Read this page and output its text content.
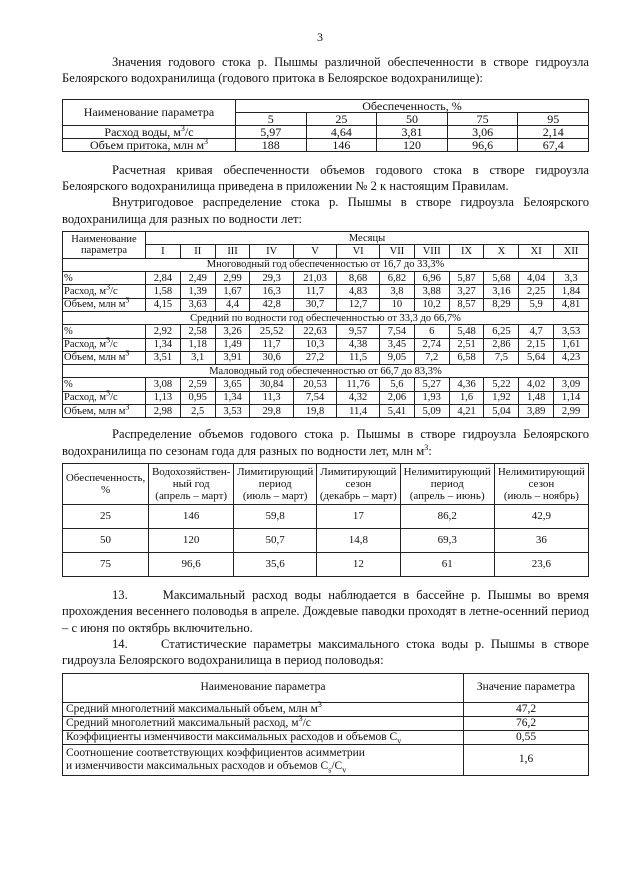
3

Значения годового стока р. Пышмы различной обеспеченности в створе гидроузла Белоярского водохранилища (годового притока в Белоярское водохранилище):

Наименование параметра	Обеспеченность, %				
	5	25	50	75	95
Расход воды, $м^3/с$	5,97	4,64	3,81	3,06	2,14
Объем притока, млн $м^3$	188	146	120	96,6	67,4

Расчетная кривая обеспеченности объемов годового стока в створе гидроузла Белоярского водохранилища приведена в приложении № 2 к настоящим Правилам.

Внутригодовое распределение стока р. Пышмы в створе гидроузла Белоярского водохранилища для разных по водности лет:

Наименование параметра	Месяцы											
	I	II	III	IV	V	VI	VII	VIII	IX	X	XI	XII
Многоводный год обеспеченностью от 16,7 до 33,3%												
%	2,84	2,49	2,99	29,3	21,03	8,68	6,82	6,96	5,87	5,68	4,04	3,3
Расход, $м^3/с$	1,58	1,39	1,67	16,3	11,7	4,83	3,8	3,88	3,27	3,16	2,25	1,84
Объем, млн $м^3$	4,15	3,63	4,4	42,8	30,7	12,7	10	10,2	8,57	8,29	5,9	4,81
Средний по водности год обеспеченностью от 33,3 до 66,7%												
%	2,92	2,58	3,26	25,52	22,63	9,57	7,54	6	5,48	6,25	4,7	3,53
Расход, $м^3/с$	1,34	1,18	1,49	11,7	10,3	4,38	3,45	2,74	2,51	2,86	2,15	1,61
Объем, млн $м^3$	3,51	3,1	3,91	30,6	27,2	11,5	9,05	7,2	6,58	7,5	5,64	4,23
Маловодный год обеспеченностью от 66,7 до 83,3%												
%	3,08	2,59	3,65	30,84	20,53	11,76	5,6	5,27	4,36	5,22	4,02	3,09
Расход, $м^3/с$	1,13	0,95	1,34	11,3	7,54	4,32	2,06	1,93	1,6	1,92	1,48	1,14
Объем, млн $м^3$	2,98	2,5	3,53	29,8	19,8	11,4	5,41	5,09	4,21	5,04	3,89	2,99

Распределение объемов годового стока р. Пышмы в створе гидроузла Белоярского водохранилища по сезонам года для разных по водности лет, млн $м^3$:

Обеспеченность,
%	Водохозяйствен-
ный год
(апрель – март)	Лимитирующий
период
(июль – март)	Лимитирующий
сезон
(декабрь – март)	Нелимитирующий
период
(апрель – июнь)	Нелимитирующий
сезон
(июль – ноябрь)
25	146	59,8	17	86,2	42,9
50	120	50,7	14,8	69,3	36
75	96,6	35,6	12	61	23,6

13.	Максимальный расход воды наблюдается в бассейне р. Пышмы во время прохождения весеннего половодья в апреле. Дождевые паводки проходят в летне-осенний период – с июня по октябрь включительно.

14.	Статистические параметры максимального стока воды р. Пышмы в створе гидроузла Белоярского водохранилища в период половодья:

Наименование параметра	Значение параметра
Средний многолетний максимальный объем, млн $м^3$	47,2
Средний многолетний максимальный расход, $м^3/с$	76,2
Коэффициенты изменчивости максимальных расходов и объемов $C_v$	0,55
Соотношение соответствующих коэффициентов асимметрии
и изменчивости максимальных расходов и объемов $C_s/C_v$	1,6
